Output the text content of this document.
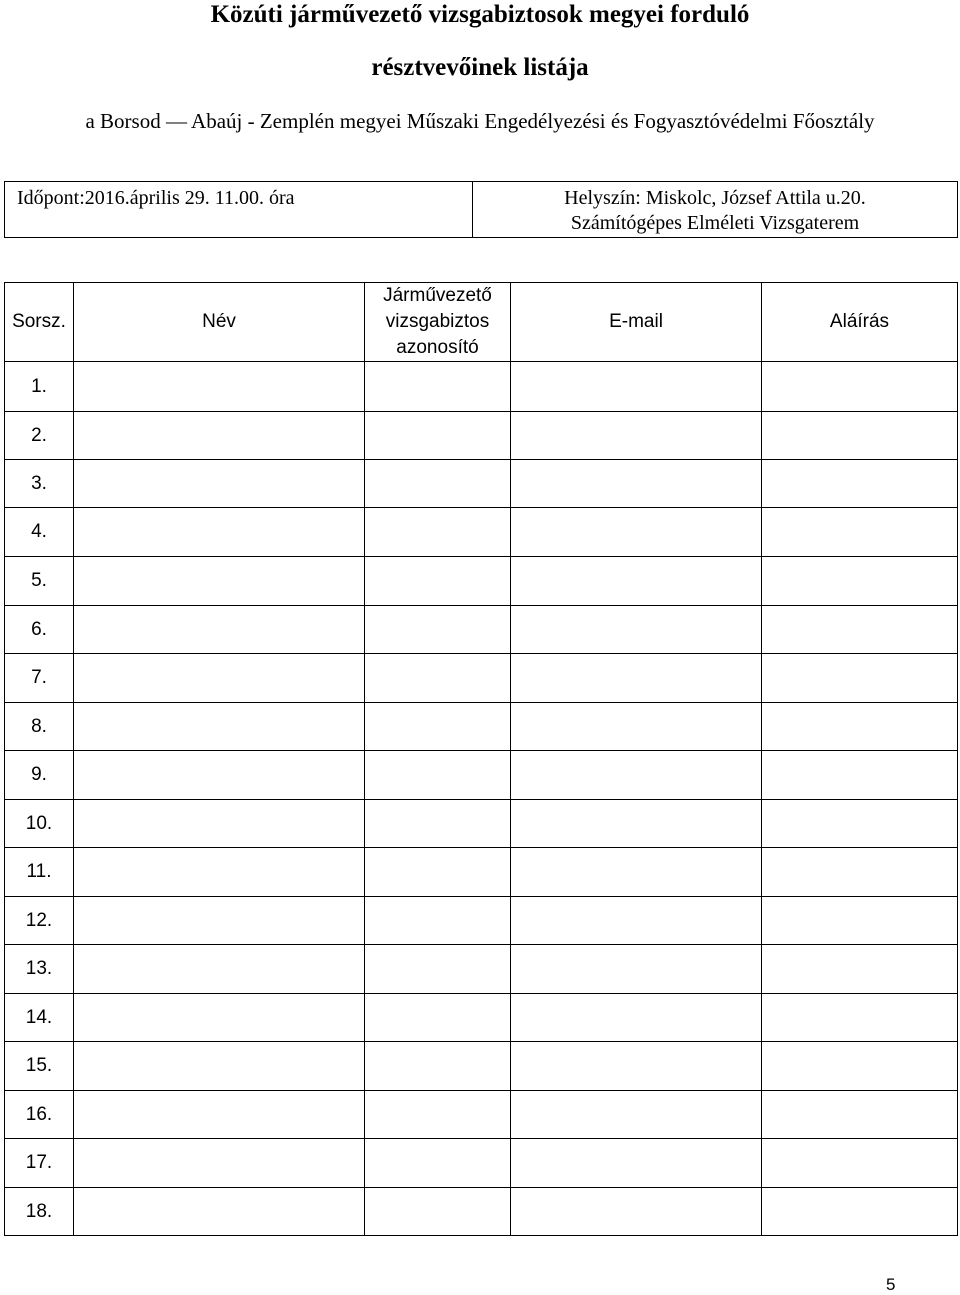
Közúti járművezető vizsgabiztosok megyei forduló
résztvevőinek listája
a Borsod — Abaúj - Zemplén megyei Műszaki Engedélyezési és Fogyasztóvédelmi Főosztály
Időpont:2016.április 29. 11.00. óra	Helyszín: Miskolc, József Attila u.20.
Számítógépes Elméleti Vizsgaterem
Sorsz.	Név	Járművezető
vizsgabiztos
azonosító	E-mail	Aláírás
1.				
2.				
3.				
4.				
5.				
6.				
7.				
8.				
9.				
10.				
11.				
12.				
13.				
14.				
15.				
16.				
17.				
18.				
5
